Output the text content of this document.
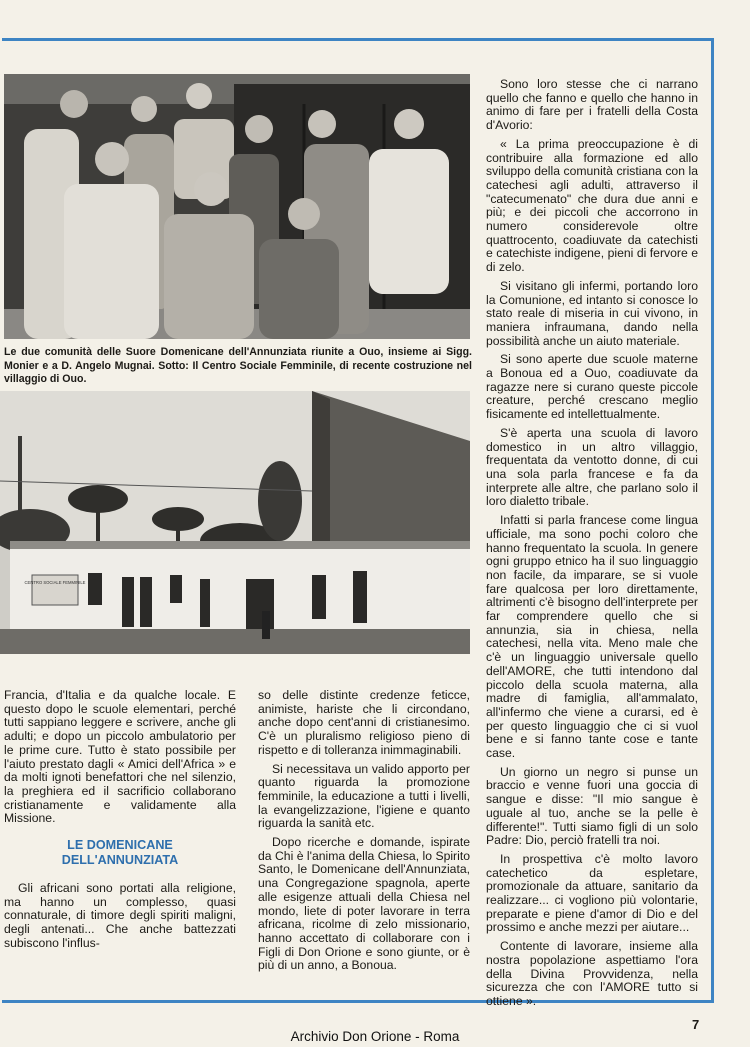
Le due comunità delle Suore Domenicane dell'Annunziata riunite a Ouo, insieme ai Sigg. Monier e a D. Angelo Mugnai. Sotto: Il Centro Sociale Femminile, di recente costruzione nel villaggio di Ouo.
CENTRO SOCIALE FEMMINILE

Francia, d'Italia e da qualche locale. E questo dopo le scuole elementari, perché tutti sappiano leggere e scrivere, anche gli adulti; e dopo un piccolo ambulatorio per le prime cure. Tutto è stato possibile per l'aiuto prestato dagli « Amici dell'Africa » e da molti ignoti benefattori che nel silenzio, la preghiera ed il sacrificio collaborano cristianamente e validamente alla Missione.

LE DOMENICANE
DELL'ANNUNZIATA

Gli africani sono portati alla religione, ma hanno un complesso, quasi connaturale, di timore degli spiriti maligni, degli antenati... Che anche battezzati subiscono l'influs-

so delle distinte credenze feticce, animiste, hariste che li circondano, anche dopo cent'anni di cristianesimo. C'è un pluralismo religioso pieno di rispetto e di tolleranza inimmaginabili.

Si necessitava un valido apporto per quanto riguarda la promozione femminile, la educazione a tutti i livelli, la evangelizzazione, l'igiene e quanto riguarda la sanità etc.

Dopo ricerche e domande, ispirate da Chi è l'anima della Chiesa, lo Spirito Santo, le Domenicane dell'Annunziata, una Congregazione spagnola, aperte alle esigenze attuali della Chiesa nel mondo, liete di poter lavorare in terra africana, ricolme di zelo missionario, hanno accettato di collaborare con i Figli di Don Orione e sono giunte, or è più di un anno, a Bonoua.

Sono loro stesse che ci narrano quello che fanno e quello che hanno in animo di fare per i fratelli della Costa d'Avorio:

« La prima preoccupazione è di contribuire alla formazione ed allo sviluppo della comunità cristiana con la catechesi agli adulti, attraverso il "catecumenato" che dura due anni e più; e dei piccoli che accorrono in numero considerevole oltre quattrocento, coadiuvate da catechisti e catechiste indigene, pieni di fervore e di zelo.

Si visitano gli infermi, portando loro la Comunione, ed intanto si conosce lo stato reale di miseria in cui vivono, in maniera infraumana, dando nella possibilità anche un aiuto materiale.

Si sono aperte due scuole materne a Bonoua ed a Ouo, coadiuvate da ragazze nere si curano queste piccole creature, perché crescano meglio fisicamente ed intellettualmente.

S'è aperta una scuola di lavoro domestico in un altro villaggio, frequentata da ventotto donne, di cui una sola parla francese e fa da interprete alle altre, che parlano solo il loro dialetto tribale.

Infatti si parla francese come lingua ufficiale, ma sono pochi coloro che hanno frequentato la scuola. In genere ogni gruppo etnico ha il suo linguaggio non facile, da imparare, se si vuole fare qualcosa per loro direttamente, altrimenti c'è bisogno dell'interprete per far comprendere quello che si annunzia, sia in chiesa, nella catechesi, nella vita. Meno male che c'è un linguaggio universale quello dell'AMORE, che tutti intendono dal piccolo della scuola materna, alla madre di famiglia, all'ammalato, all'infermo che viene a curarsi, ed è per questo linguaggio che ci si vuol bene e si fanno tante cose e tante case.

Un giorno un negro si punse un braccio e venne fuori una goccia di sangue e disse: "Il mio sangue è uguale al tuo, anche se la pelle è differente!". Tutti siamo figli di un solo Padre: Dio, perciò fratelli tra noi.

In prospettiva c'è molto lavoro catechetico da espletare, promozionale da attuare, sanitario da realizzare... ci vogliono più volontarie, preparate e piene d'amor di Dio e del prossimo e anche mezzi per aiutare...

Contente di lavorare, insieme alla nostra popolazione aspettiamo l'ora della Divina Provvidenza, nella sicurezza che con l'AMORE tutto si ottiene ».

7
Archivio Don Orione - Roma
